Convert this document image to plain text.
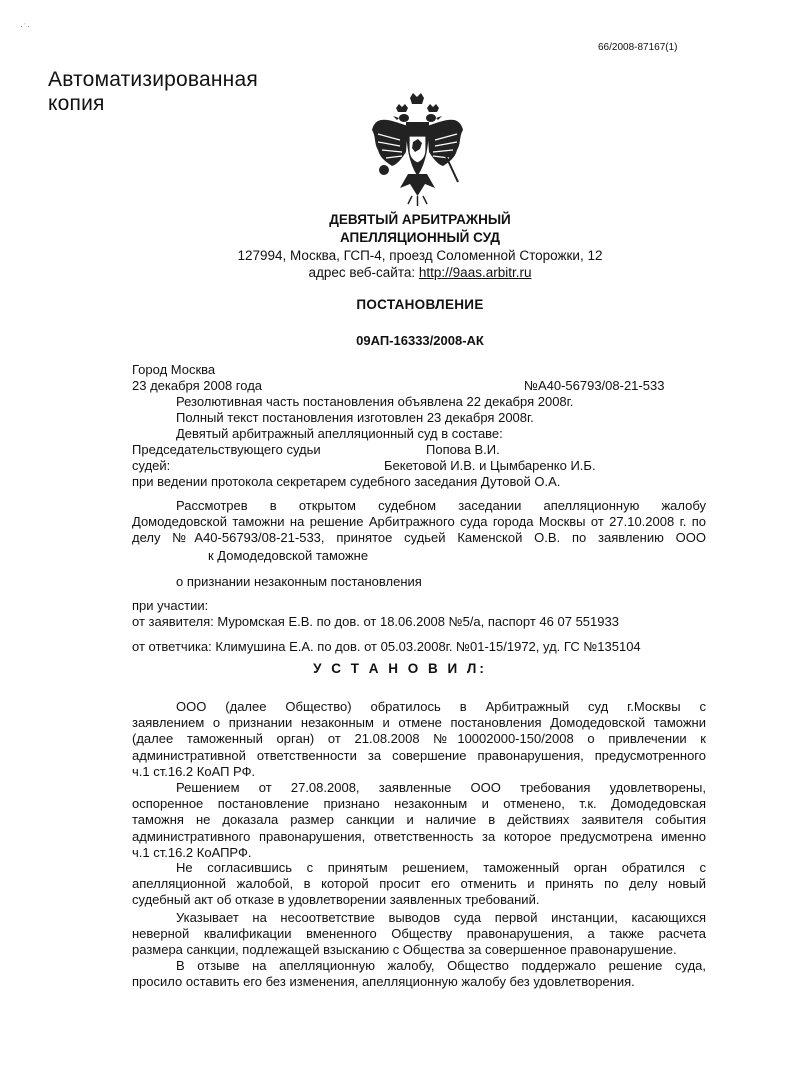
· ͗ ·
66/2008-87167(1)
Автоматизированная
копия
ДЕВЯТЫЙ АРБИТРАЖНЫЙ
АПЕЛЛЯЦИОННЫЙ СУД
127994, Москва, ГСП-4, проезд Соломенной Сторожки, 12
адрес веб-сайта: http://9aas.arbitr.ru
ПОСТАНОВЛЕНИЕ
09АП-16333/2008-АК
Город Москва
23 декабря 2008 года	№А40-56793/08-21-533
Резолютивная часть постановления объявлена 22 декабря 2008г.
Полный текст постановления изготовлен 23 декабря 2008г.
Девятый арбитражный апелляционный суд в составе:
Председательствующего судьи	Попова В.И.
судей:	Бекетовой И.В. и Цымбаренко И.Б.
при ведении протокола секретарем судебного заседания Дутовой О.А.
Рассмотрев в открытом судебном заседании апелляционную жалобу
Домодедовской таможни на решение Арбитражного суда города Москвы от 27.10.2008 г. по
делу №А40-56793/08-21-533, принятое судьей Каменской О.В. по заявлению ООО
к Домодедовской таможне
о признании незаконным постановления
при участии:
от заявителя: Муромская Е.В. по дов. от 18.06.2008 №5/а, паспорт 46 07 551933
от ответчика: Климушина Е.А. по дов. от 05.03.2008г. №01-15/1972, уд. ГС №135104
У С Т А Н О В И Л:
ООО (далее Общество) обратилось в Арбитражный суд г.Москвы с
заявлением о признании незаконным и отмене постановления Домодедовской таможни
(далее таможенный орган) от 21.08.2008 №10002000-150/2008 о привлечении к
административной ответственности за совершение правонарушения, предусмотренного
ч.1 ст.16.2 КоАП РФ.
Решением от 27.08.2008, заявленные ООО требования удовлетворены,
оспоренное постановление признано незаконным и отменено, т.к. Домодедовская
таможня не доказала размер санкции и наличие в действиях заявителя события
административного правонарушения, ответственность за которое предусмотрена именно
ч.1 ст.16.2 КоАПРФ.
Не согласившись с принятым решением, таможенный орган обратился с
апелляционной жалобой, в которой просит его отменить и принять по делу новый
судебный акт об отказе в удовлетворении заявленных требований.
Указывает на несоответствие выводов суда первой инстанции, касающихся
неверной квалификации вмененного Обществу правонарушения, а также расчета
размера санкции, подлежащей взысканию с Общества за совершенное правонарушение.
В отзыве на апелляционную жалобу, Общество поддержало решение суда,
просило оставить его без изменения, апелляционную жалобу без удовлетворения.
